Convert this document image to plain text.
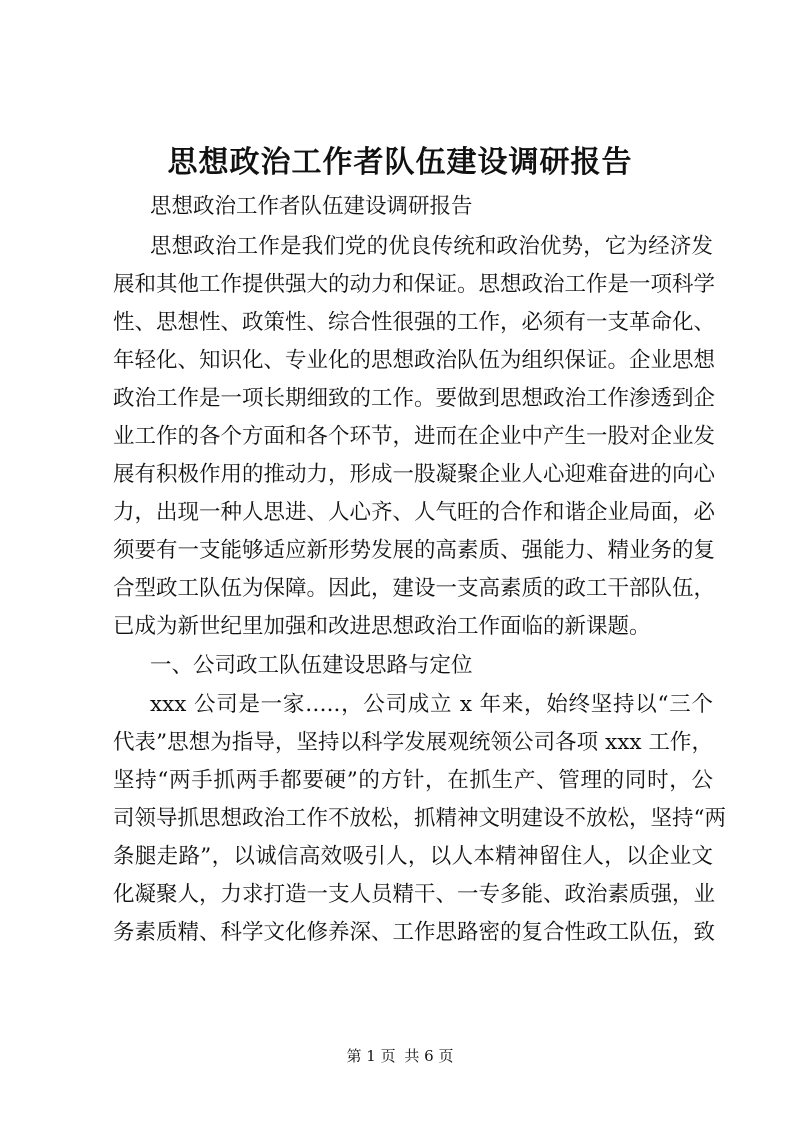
思想政治工作者队伍建设调研报告

思想政治工作者队伍建设调研报告

思想政治工作是我们党的优良传统和政治优势，它为经济发

展和其他工作提供强大的动力和保证。思想政治工作是一项科学

性、思想性、政策性、综合性很强的工作，必须有一支革命化、

年轻化、知识化、专业化的思想政治队伍为组织保证。企业思想

政治工作是一项长期细致的工作。要做到思想政治工作渗透到企

业工作的各个方面和各个环节，进而在企业中产生一股对企业发

展有积极作用的推动力，形成一股凝聚企业人心迎难奋进的向心

力，出现一种人思进、人心齐、人气旺的合作和谐企业局面，必

须要有一支能够适应新形势发展的高素质、强能力、精业务的复

合型政工队伍为保障。因此，建设一支高素质的政工干部队伍，

已成为新世纪里加强和改进思想政治工作面临的新课题。

一、公司政工队伍建设思路与定位

xxx 公司是一家…..，公司成立 x 年来，始终坚持以“三个

代表”思想为指导，坚持以科学发展观统领公司各项 xxx 工作，

坚持“两手抓两手都要硬”的方针，在抓生产、管理的同时，公

司领导抓思想政治工作不放松，抓精神文明建设不放松，坚持“两

条腿走路”，以诚信高效吸引人，以人本精神留住人，以企业文

化凝聚人，力求打造一支人员精干、一专多能、政治素质强，业

务素质精、科学文化修养深、工作思路密的复合性政工队伍，致

第 1 页 共 6 页
